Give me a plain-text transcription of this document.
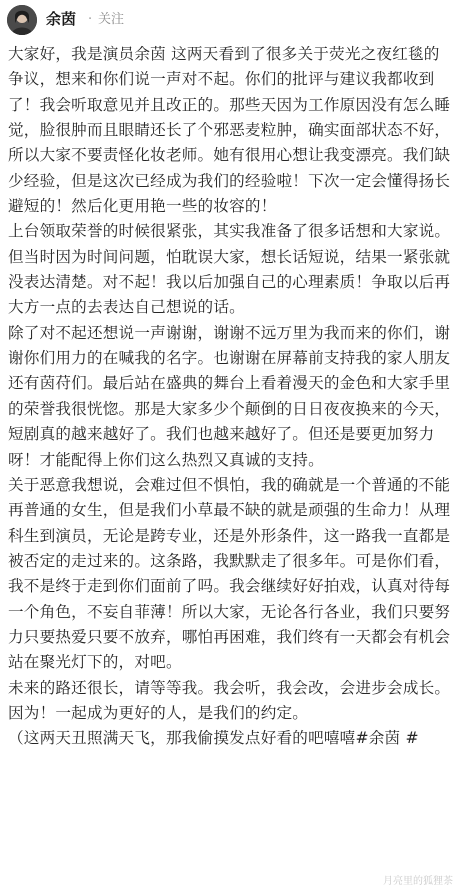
余茵 · 关注

大家好，我是演员余茵 这两天看到了很多关于荧光之夜红毯的争议，想来和你们说一声对不起。你们的批评与建议我都收到了！我会听取意见并且改正的。那些天因为工作原因没有怎么睡觉，脸很肿而且眼睛还长了个邪恶麦粒肿，确实面部状态不好，所以大家不要责怪化妆老师。她有很用心想让我变漂亮。我们缺少经验，但是这次已经成为我们的经验啦！下次一定会懂得扬长避短的！然后化更用艳一些的妆容的！

上台领取荣誉的时候很紧张，其实我准备了很多话想和大家说。但当时因为时间问题，怕耽误大家，想长话短说，结果一紧张就没表达清楚。对不起！我以后加强自己的心理素质！争取以后再大方一点的去表达自己想说的话。

除了对不起还想说一声谢谢，谢谢不远万里为我而来的你们，谢谢你们用力的在喊我的名字。也谢谢在屏幕前支持我的家人朋友还有茵苻们。最后站在盛典的舞台上看着漫天的金色和大家手里的荣誉我很恍惚。那是大家多少个颠倒的日日夜夜换来的今天，短剧真的越来越好了。我们也越来越好了。但还是要更加努力呀！才能配得上你们这么热烈又真诚的支持。

关于恶意我想说，会难过但不惧怕，我的确就是一个普通的不能再普通的女生，但是我们小草最不缺的就是顽强的生命力！从理科生到演员，无论是跨专业，还是外形条件，这一路我一直都是被否定的走过来的。这条路，我默默走了很多年。可是你们看，我不是终于走到你们面前了吗。我会继续好好拍戏，认真对待每一个角色，不妄自菲薄！所以大家，无论各行各业，我们只要努力只要热爱只要不放弃，哪怕再困难，我们终有一天都会有机会站在聚光灯下的，对吧。

未来的路还很长，请等等我。我会听，我会改，会进步会成长。因为！一起成为更好的人，是我们的约定。

（这两天丑照满天飞，那我偷摸发点好看的吧嘻嘻#余茵 #

月亮里的狐狸茶
